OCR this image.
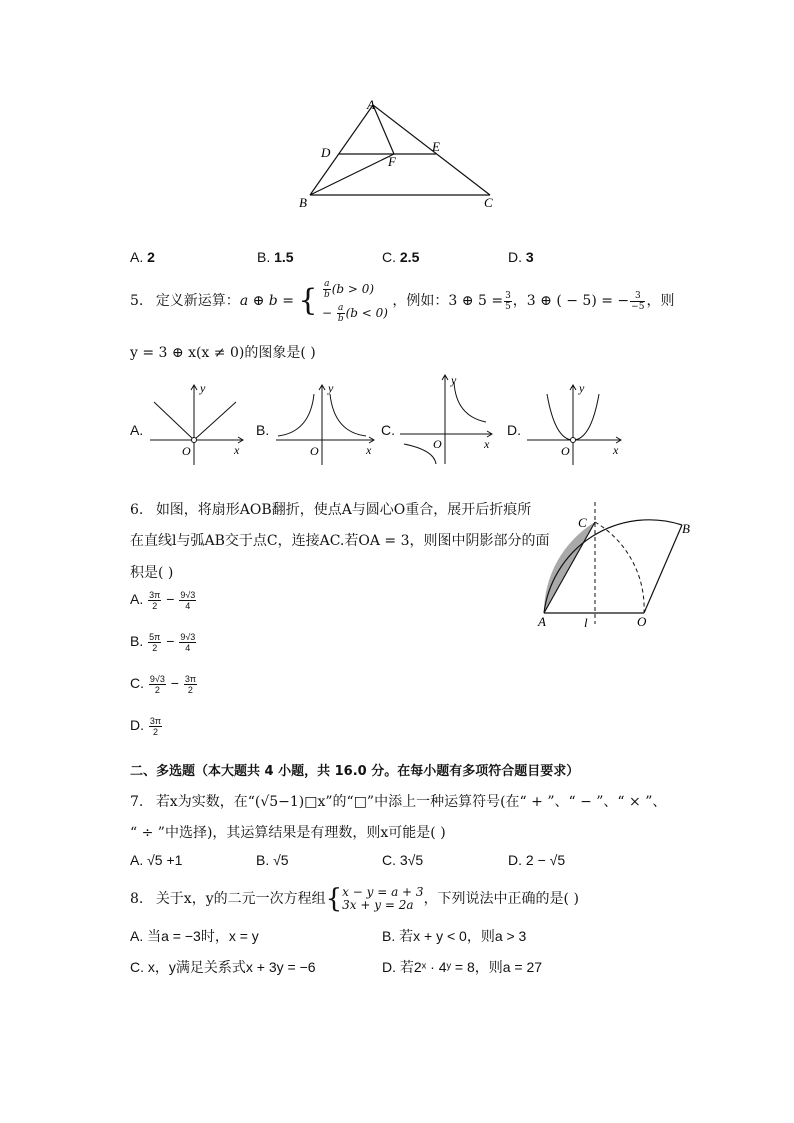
A
B	C
D	E
F
A. 2	B. 1.5	C. 2.5	D. 3
5. 定义新运算：a ⊕ b = { $\frac{a}{b} (b > 0)$
− $\frac{a}{b} (b < 0)$
，例如：3 ⊕ $5 = \frac{3}{5}$ ，3 ⊕ ( − 5) = − $\frac{3}{-5}$ ，则
y = 3 ⊕ x(x ≠ 0)的图象是( )
A.
x
y
O
B.
x
y
O
C.
x
y
O
D.
x
y
O
6. 如图，将扇形AOB翻折，使点A与圆心O重合，展开后折痕所
在直线l与弧AB交于点C，连接AC.若OA = 3，则图中阴影部分的面
积是( )
A. $\frac{3\pi}{2} - \frac{9√3}{4}$
B. $\frac{5\pi}{2} - \frac{9√3}{4}$
C. $\frac{9√3}{2} - \frac{3\pi}{2}$
D. $\frac{3\pi}{2}$
A	O
B
C
l
二、多选题（本大题共 4 小题，共 16.0 分。在每小题有多项符合题目要求）
7. 若x为实数，在“(√5−1)□x”的“□”中添上一种运算符号(在“ + ”、“ − ”、“ × ”、
“ ÷ ”中选择)，其运算结果是有理数，则x可能是( )
A. √5 +1	B. √5	C. 3√5	D. 2 − √5
8. 关于x，y的二元一次方程组{ x − y = a + 3
3x + y = 2a ，下列说法中正确的是( )
A. 当a = −3时，x = y	B. 若x + y < 0，则a > 3
C. x，y满足关系式x + 3y = −6	D. 若2ˣ · 4ʸ = 8，则a = 27
